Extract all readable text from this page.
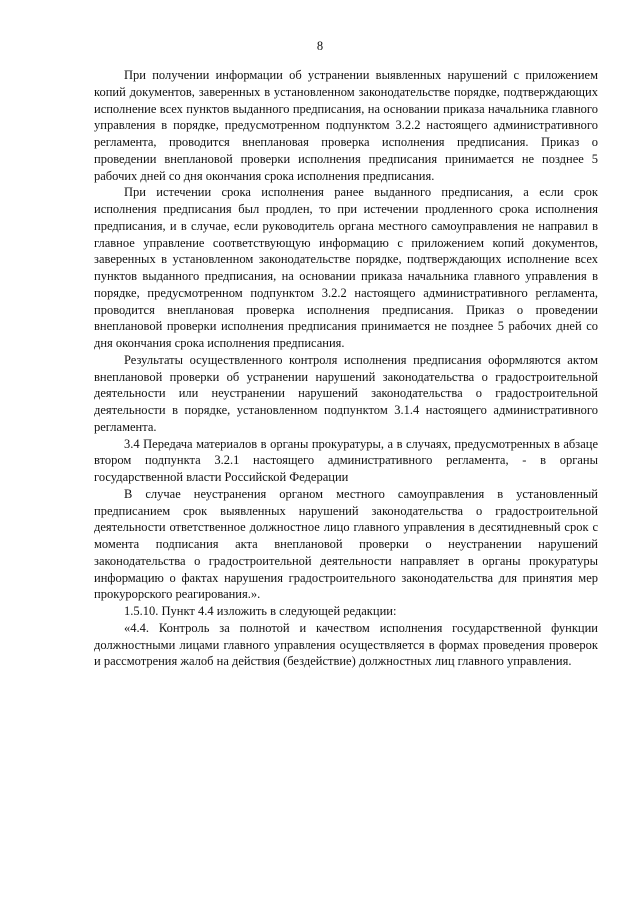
8

При получении информации об устранении выявленных нарушений с приложением копий документов, заверенных в установленном законодательстве порядке, подтверждающих исполнение всех пунктов выданного предписания, на основании приказа начальника главного управления в порядке, предусмотренном подпунктом 3.2.2 настоящего административного регламента, проводится внеплановая проверка исполнения предписания. Приказ о проведении внеплановой проверки исполнения предписания принимается не позднее 5 рабочих дней со дня окончания срока исполнения предписания.

При истечении срока исполнения ранее выданного предписания, а если срок исполнения предписания был продлен, то при истечении продленного срока исполнения предписания, и в случае, если руководитель органа местного самоуправления не направил в главное управление соответствующую информацию с приложением копий документов, заверенных в установленном законодательстве порядке, подтверждающих исполнение всех пунктов выданного предписания, на основании приказа начальника главного управления в порядке, предусмотренном подпунктом 3.2.2 настоящего административного регламента, проводится внеплановая проверка исполнения предписания. Приказ о проведении внеплановой проверки исполнения предписания принимается не позднее 5 рабочих дней со дня окончания срока исполнения предписания.

Результаты осуществленного контроля исполнения предписания оформляются актом внеплановой проверки об устранении нарушений законодательства о градостроительной деятельности или неустранении нарушений законодательства о градостроительной деятельности в порядке, установленном подпунктом 3.1.4 настоящего административного регламента.

3.4 Передача материалов в органы прокуратуры, а в случаях, предусмотренных в абзаце втором подпункта 3.2.1 настоящего административного регламента, - в органы государственной власти Российской Федерации

В случае неустранения органом местного самоуправления в установленный предписанием срок выявленных нарушений законодательства о градостроительной деятельности ответственное должностное лицо главного управления в десятидневный срок с момента подписания акта внеплановой проверки о неустранении нарушений законодательства о градостроительной деятельности направляет в органы прокуратуры информацию о фактах нарушения градостроительного законодательства для принятия мер прокурорского реагирования.».

1.5.10. Пункт 4.4 изложить в следующей редакции:

«4.4. Контроль за полнотой и качеством исполнения государственной функции должностными лицами главного управления осуществляется в формах проведения проверок и рассмотрения жалоб на действия (бездействие) должностных лиц главного управления.
